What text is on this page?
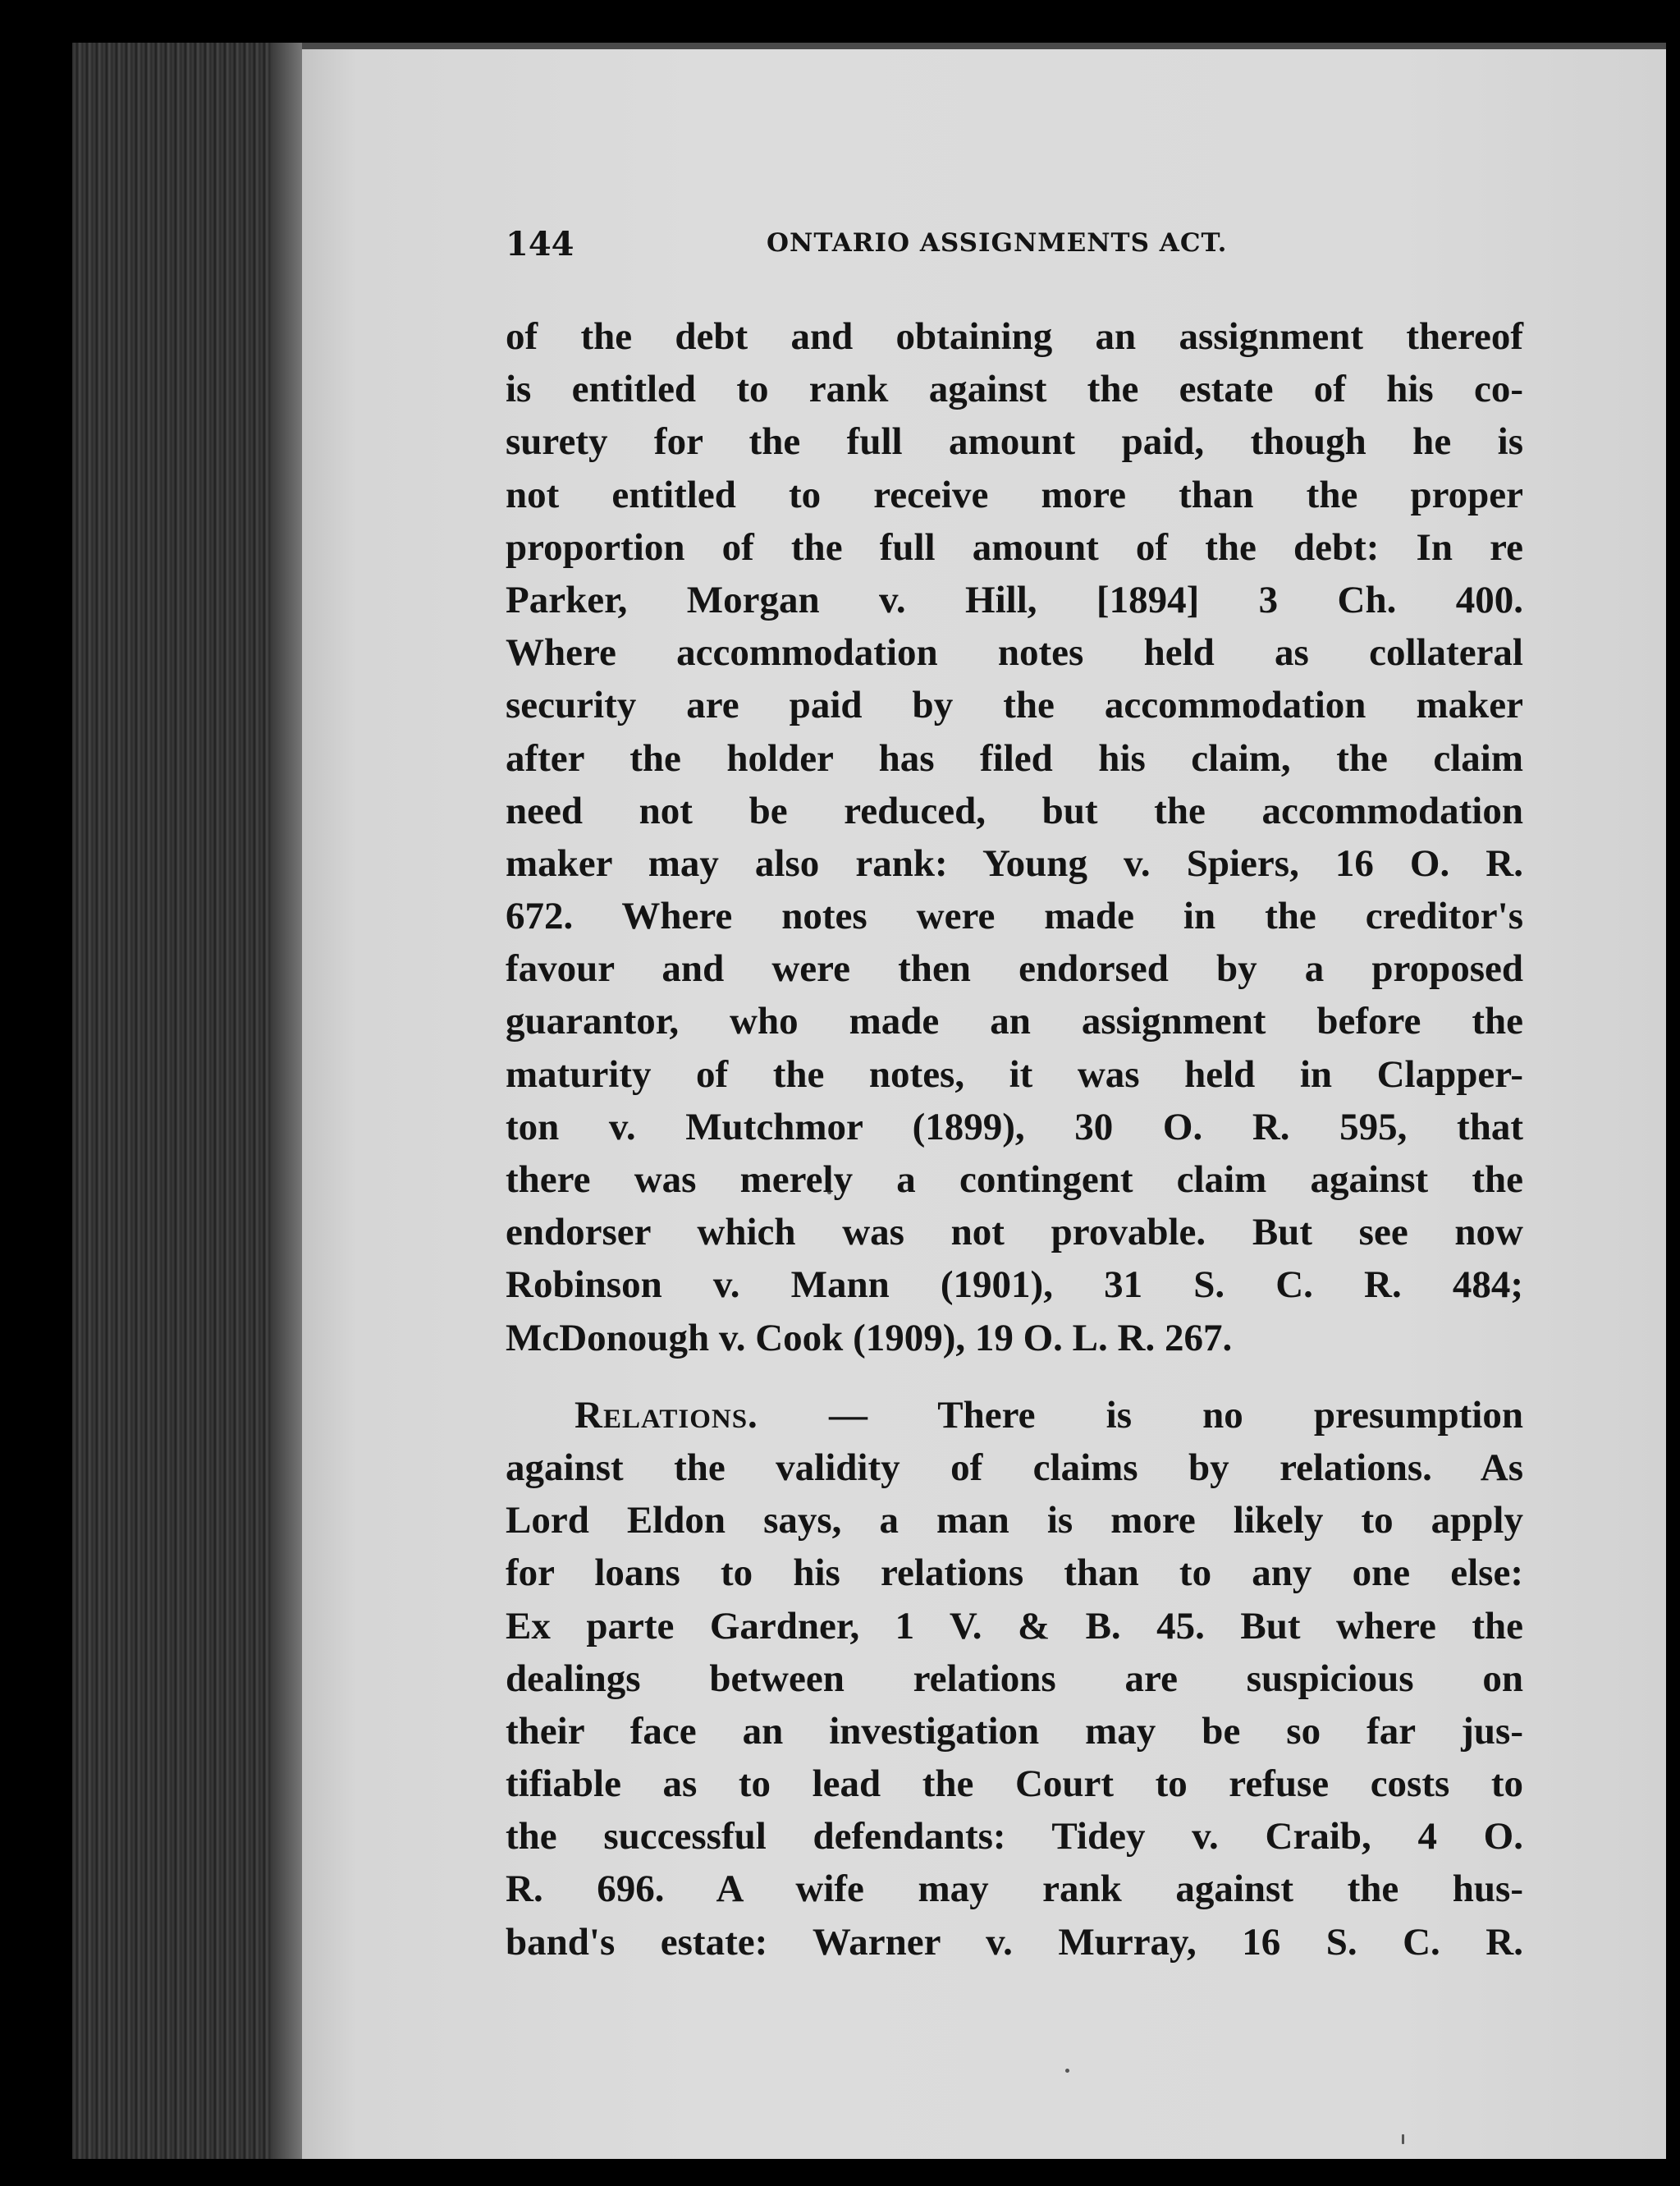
144	ONTARIO ASSIGNMENTS ACT.
of the debt and obtaining an assignment thereof
is entitled to rank against the estate of his co-
surety for the full amount paid, though he is
not entitled to receive more than the proper
proportion of the full amount of the debt: In re
Parker, Morgan v. Hill, [1894] 3 Ch. 400.
Where accommodation notes held as collateral
security are paid by the accommodation maker
after the holder has filed his claim, the claim
need not be reduced, but the accommodation
maker may also rank: Young v. Spiers, 16 O. R.
672. Where notes were made in the creditor's
favour and were then endorsed by a proposed
guarantor, who made an assignment before the
maturity of the notes, it was held in Clapper-
ton v. Mutchmor (1899), 30 O. R. 595, that
there was merely a contingent claim against the
endorser which was not provable. But see now
Robinson v. Mann (1901), 31 S. C. R. 484;
McDonough v. Cook (1909), 19 O. L. R. 267.
Relations. — There is no presumption
against the validity of claims by relations. As
Lord Eldon says, a man is more likely to apply
for loans to his relations than to any one else:
Ex parte Gardner, 1 V. & B. 45. But where the
dealings between relations are suspicious on
their face an investigation may be so far jus-
tifiable as to lead the Court to refuse costs to
the successful defendants: Tidey v. Craib, 4 O.
R. 696. A wife may rank against the hus-
band's estate: Warner v. Murray, 16 S. C. R.
